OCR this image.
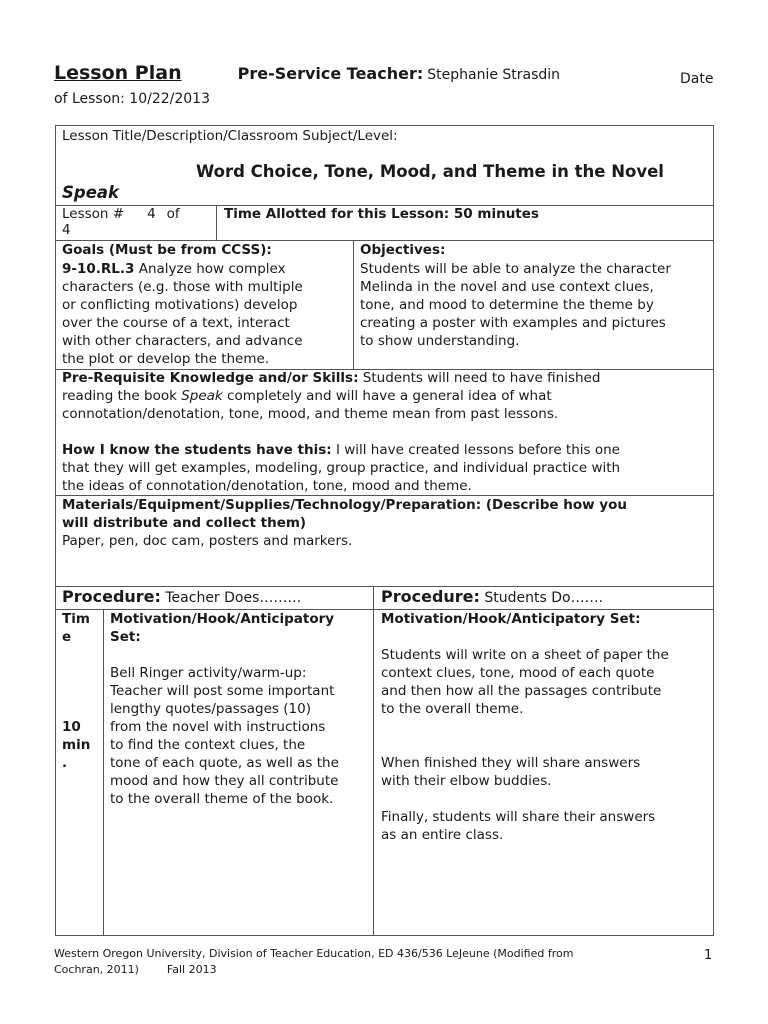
Lesson Plan	Pre-Service Teacher: Stephanie Strasdin	Date
of Lesson: 10/22/2013
Lesson Title/Description/Classroom Subject/Level:
Word Choice, Tone, Mood, and Theme in the Novel
Speak
Lesson # 4 of
4
Time Allotted for this Lesson: 50 minutes
Goals (Must be from CCSS):
9-10.RL.3 Analyze how complex
characters (e.g. those with multiple
or conflicting motivations) develop
over the course of a text, interact
with other characters, and advance
the plot or develop the theme.
Objectives:
Students will be able to analyze the character
Melinda in the novel and use context clues,
tone, and mood to determine the theme by
creating a poster with examples and pictures
to show understanding.
Pre-Requisite Knowledge and/or Skills: Students will need to have finished
reading the book Speak completely and will have a general idea of what
connotation/denotation, tone, mood, and theme mean from past lessons.
How I know the students have this: I will have created lessons before this one
that they will get examples, modeling, group practice, and individual practice with
the ideas of connotation/denotation, tone, mood and theme.
Materials/Equipment/Supplies/Technology/Preparation: (Describe how you
will distribute and collect them)
Paper, pen, doc cam, posters and markers.
Procedure: Teacher Does………	Procedure: Students Do…….
Tim
e
10
min
.
Motivation/Hook/Anticipatory
Set:
Bell Ringer activity/warm-up:
Teacher will post some important
lengthy quotes/passages (10)
from the novel with instructions
to find the context clues, the
tone of each quote, as well as the
mood and how they all contribute
to the overall theme of the book.
Motivation/Hook/Anticipatory Set:
Students will write on a sheet of paper the
context clues, tone, mood of each quote
and then how all the passages contribute
to the overall theme.
When finished they will share answers
with their elbow buddies.
Finally, students will share their answers
as an entire class.
Western Oregon University, Division of Teacher Education, ED 436/536 LeJeune (Modified from
Cochran, 2011)        Fall 2013
1
